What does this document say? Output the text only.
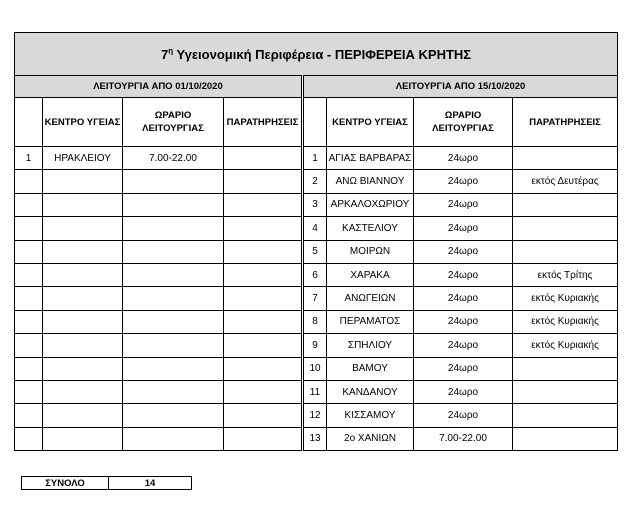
$7^\eta$ Υγειονομική Περιφέρεια - ΠΕΡΙΦΕΡΕΙΑ ΚΡΗΤΗΣ							
ΛΕΙΤΟΥΡΓΙΑ ΑΠΟ 01/10/2020				ΛΕΙΤΟΥΡΓΙΑ ΑΠΟ 15/10/2020			
	ΚΕΝΤΡΟ ΥΓΕΙΑΣ	ΩΡΑΡΙΟ ΛΕΙΤΟΥΡΓΙΑΣ	ΠΑΡΑΤΗΡΗΣΕΙΣ		ΚΕΝΤΡΟ ΥΓΕΙΑΣ	ΩΡΑΡΙΟ ΛΕΙΤΟΥΡΓΙΑΣ	ΠΑΡΑΤΗΡΗΣΕΙΣ
1	ΗΡΑΚΛΕΙΟΥ	7.00-22.00		1	ΑΓΙΑΣ ΒΑΡΒΑΡΑΣ	24ωρο	
				2	ΑΝΩ ΒΙΑΝΝΟΥ	24ωρο	εκτός Δευτέρας
				3	ΑΡΚΑΛΟΧΩΡΙΟΥ	24ωρο	
				4	ΚΑΣΤΕΛΙΟΥ	24ωρο	
				5	ΜΟΙΡΩΝ	24ωρο	
				6	ΧΑΡΑΚΑ	24ωρο	εκτός Τρίτης
				7	ΑΝΩΓΕΙΩΝ	24ωρο	εκτός Κυριακής
				8	ΠΕΡΑΜΑΤΟΣ	24ωρο	εκτός Κυριακής
				9	ΣΠΗΛΙΟΥ	24ωρο	εκτός Κυριακής
				10	ΒΑΜΟΥ	24ωρο	
				11	ΚΑΝΔΑΝΟΥ	24ωρο	
				12	ΚΙΣΣΑΜΟΥ	24ωρο	
				13	2ο ΧΑΝΙΩΝ	7.00-22.00	
ΣΥΝΟΛΟ	14
